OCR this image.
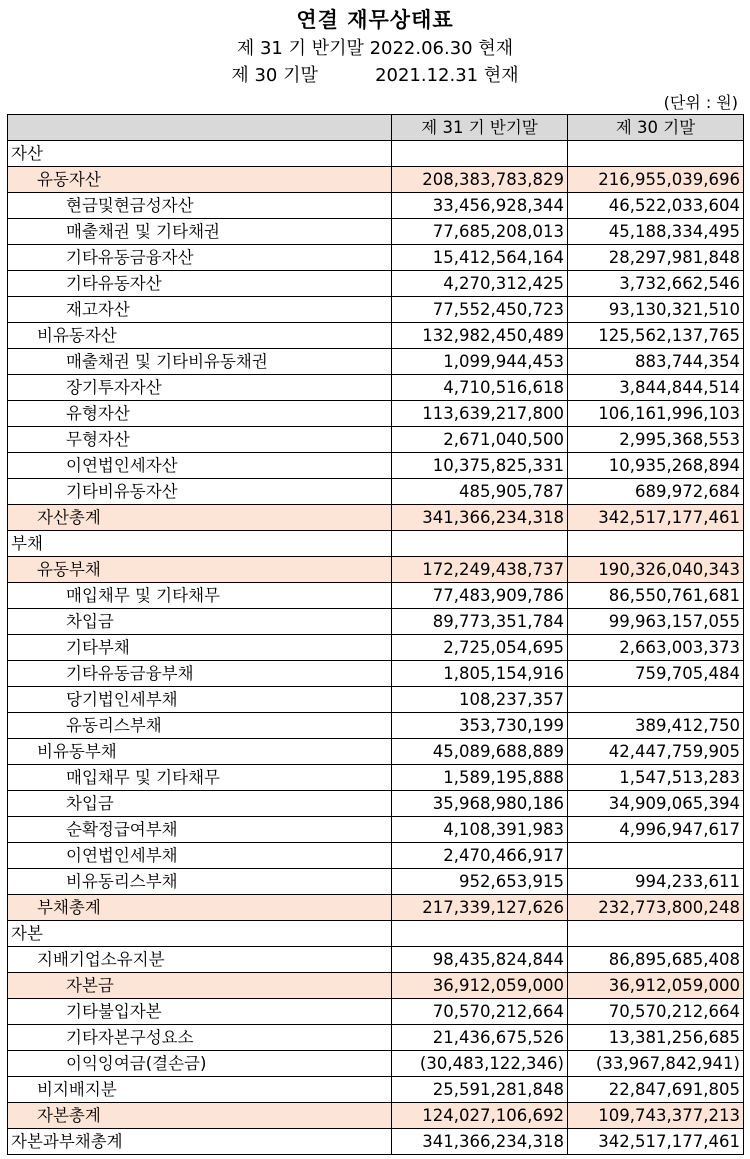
연결 재무상태표
제 31 기 반기말 2022.06.30 현재
제 30 기말          2021.12.31 현재
(단위 : 원)
	제 31 기 반기말	제 30 기말
자산		
유동자산	208,383,783,829	216,955,039,696
현금및현금성자산	33,456,928,344	46,522,033,604
매출채권 및 기타채권	77,685,208,013	45,188,334,495
기타유동금융자산	15,412,564,164	28,297,981,848
기타유동자산	4,270,312,425	3,732,662,546
재고자산	77,552,450,723	93,130,321,510
비유동자산	132,982,450,489	125,562,137,765
매출채권 및 기타비유동채권	1,099,944,453	883,744,354
장기투자자산	4,710,516,618	3,844,844,514
유형자산	113,639,217,800	106,161,996,103
무형자산	2,671,040,500	2,995,368,553
이연법인세자산	10,375,825,331	10,935,268,894
기타비유동자산	485,905,787	689,972,684
자산총계	341,366,234,318	342,517,177,461
부채		
유동부채	172,249,438,737	190,326,040,343
매입채무 및 기타채무	77,483,909,786	86,550,761,681
차입금	89,773,351,784	99,963,157,055
기타부채	2,725,054,695	2,663,003,373
기타유동금융부채	1,805,154,916	759,705,484
당기법인세부채	108,237,357	
유동리스부채	353,730,199	389,412,750
비유동부채	45,089,688,889	42,447,759,905
매입채무 및 기타채무	1,589,195,888	1,547,513,283
차입금	35,968,980,186	34,909,065,394
순확정급여부채	4,108,391,983	4,996,947,617
이연법인세부채	2,470,466,917	
비유동리스부채	952,653,915	994,233,611
부채총계	217,339,127,626	232,773,800,248
자본		
지배기업소유지분	98,435,824,844	86,895,685,408
자본금	36,912,059,000	36,912,059,000
기타불입자본	70,570,212,664	70,570,212,664
기타자본구성요소	21,436,675,526	13,381,256,685
이익잉여금(결손금)	(30,483,122,346)	(33,967,842,941)
비지배지분	25,591,281,848	22,847,691,805
자본총계	124,027,106,692	109,743,377,213
자본과부채총계	341,366,234,318	342,517,177,461
